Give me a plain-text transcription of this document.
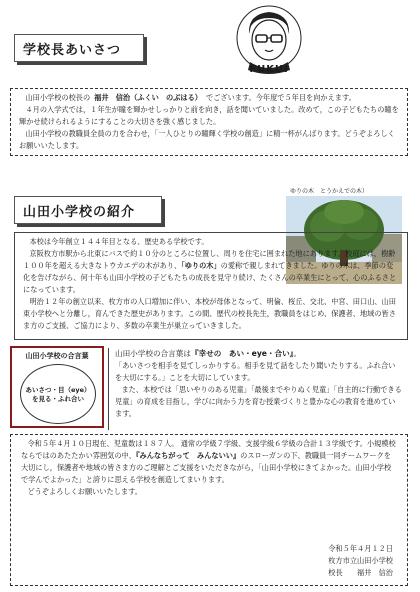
学校長あいさつ
FUKUI

山田小学校の校長の 福井　信治（ふくい　のぶはる） でございます。今年度で５年目を向かえます。

４月の入学式では，１年生が瞳を輝かせしっかりと前を向き，話を聞いていました。改めて，この子どもたちの瞳を輝かせ続けられるようにすることの大切さを強く感じました。

山田小学校の教職員全員の力を合わせ，「一人ひとりの瞳輝く学校の創造」に精一杯がんばります。どうぞよろしくお願いいたします。

山田小学校の紹介
ゆりの木　とうかえでの木）

本校は今年創立１４４年目となる、歴史ある学校です。

京阪枚方市駅から北東にバスで約１０分のところに位置し、周りを住宅に囲まれた地にあります。校庭には，樹齢１００年を超える大きなトウカエデの木があり、「ゆりの木」の愛称で親しまれてきました。ゆりの木は、季節の変化を告げながら、何十年も山田小学校の子どもたちの成長を見守り続け、たくさんの卒業生にとって、心のふるさとになっています。

明治１２年の創立以来、枚方市の人口増加に伴い、本校が母体となって、明倫、桜丘、交北、中宮、田口山、山田東小学校へと分離し，育んできた歴史があります。この間、歴代の校長先生，教職員をはじめ、保護者、地域の皆さま方のご支援、ご協力により、多数の卒業生が巣立っていきました。

山田小学校の合言葉
あいさつ・目（eye）
を見る・ふれ合い

山田小学校の合言葉は『幸せの　あい・eye・合い』。

「あいさつを相手を見てしっかりする。相手を見て話をしたり聞いたりする。ふれ合いを大切にする。」ことを大切にしています。

また、本校では「思いやりのある児童」「最後までやりぬく児童」「自主的に行動できる児童」の育成を目指し，学びに向かう力を育む授業づくりと豊かな心の教育を進めています。

令和５年４月１０日現在、児童数は１８７人。 通常の学級７学級、支援学級６学級の合計１３学級です。小規模校ならではのあたたかい雰囲気の中、『みんなちがって　みんないい』のスローガンの下、教職員一同チームワークを大切にし，保護者や地域の皆さま方のご理解とご支援をいただきながら，「山田小学校にきてよかった。山田小学校で学んでよかった」と誇りに思える学校を創造してまいります。

どうぞよろしくお願いいたします。

令和５年４月１２日

枚方市立山田小学校

校長　　福井　信治
